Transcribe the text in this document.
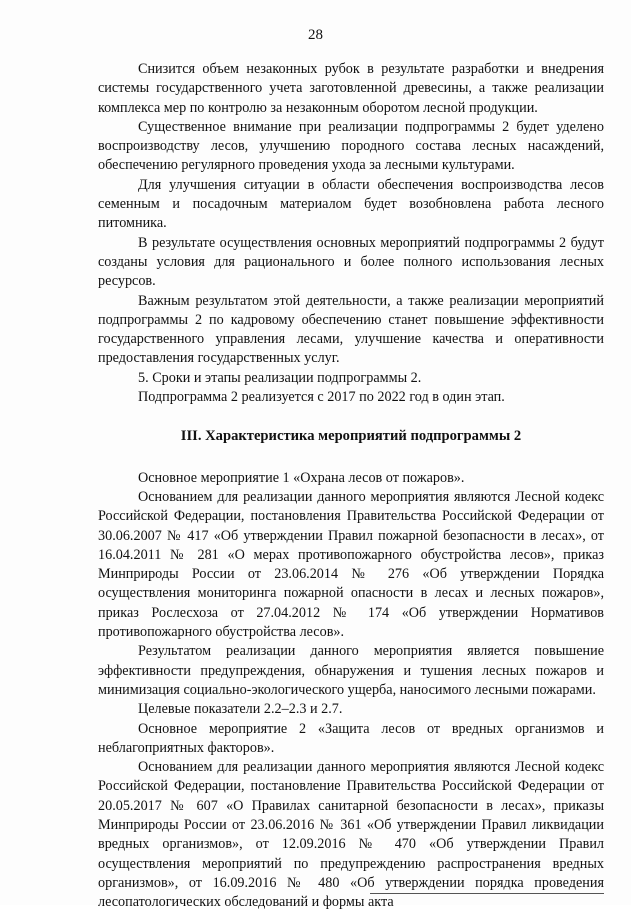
28

Снизится объем незаконных рубок в результате разработки и внедрения системы государственного учета заготовленной древесины, а также реализации комплекса мер по контролю за незаконным оборотом лесной продукции.

Существенное внимание при реализации подпрограммы 2 будет уделено воспроизводству лесов, улучшению породного состава лесных насаждений, обеспечению регулярного проведения ухода за лесными культурами.

Для улучшения ситуации в области обеспечения воспроизводства лесов семенным и посадочным материалом будет возобновлена работа лесного питомника.

В результате осуществления основных мероприятий подпрограммы 2 будут созданы условия для рационального и более полного использования лесных ресурсов.

Важным результатом этой деятельности, а также реализации мероприятий подпрограммы 2 по кадровому обеспечению станет повышение эффективности государственного управления лесами, улучшение качества и оперативности предоставления государственных услуг.

5. Сроки и этапы реализации подпрограммы 2.

Подпрограмма 2 реализуется с 2017 по 2022 год в один этап.

III. Характеристика мероприятий подпрограммы 2

Основное мероприятие 1 «Охрана лесов от пожаров».

Основанием для реализации данного мероприятия являются Лесной кодекс Российской Федерации, постановления Правительства Российской Федерации от 30.06.2007 № 417 «Об утверждении Правил пожарной безопасности в лесах», от 16.04.2011 № 281 «О мерах противопожарного обустройства лесов», приказ Минприроды России от 23.06.2014 № 276 «Об утверждении Порядка осуществления мониторинга пожарной опасности в лесах и лесных пожаров», приказ Рослесхоза от 27.04.2012 № 174 «Об утверждении Нормативов противопожарного обустройства лесов».

Результатом реализации данного мероприятия является повышение эффективности предупреждения, обнаружения и тушения лесных пожаров и минимизация социально-экологического ущерба, наносимого лесными пожарами.

Целевые показатели 2.2–2.3 и 2.7.

Основное мероприятие 2 «Защита лесов от вредных организмов и неблагоприятных факторов».

Основанием для реализации данного мероприятия являются Лесной кодекс Российской Федерации, постановление Правительства Российской Федерации от 20.05.2017 № 607 «О Правилах санитарной безопасности в лесах», приказы Минприроды России от 23.06.2016 № 361 «Об утверждении Правил ликвидации вредных организмов», от 12.09.2016 № 470 «Об утверждении Правил осуществления мероприятий по предупреждению распространения вредных организмов», от 16.09.2016 № 480 «Об утверждении порядка проведения лесопатологических обследований и формы акта
